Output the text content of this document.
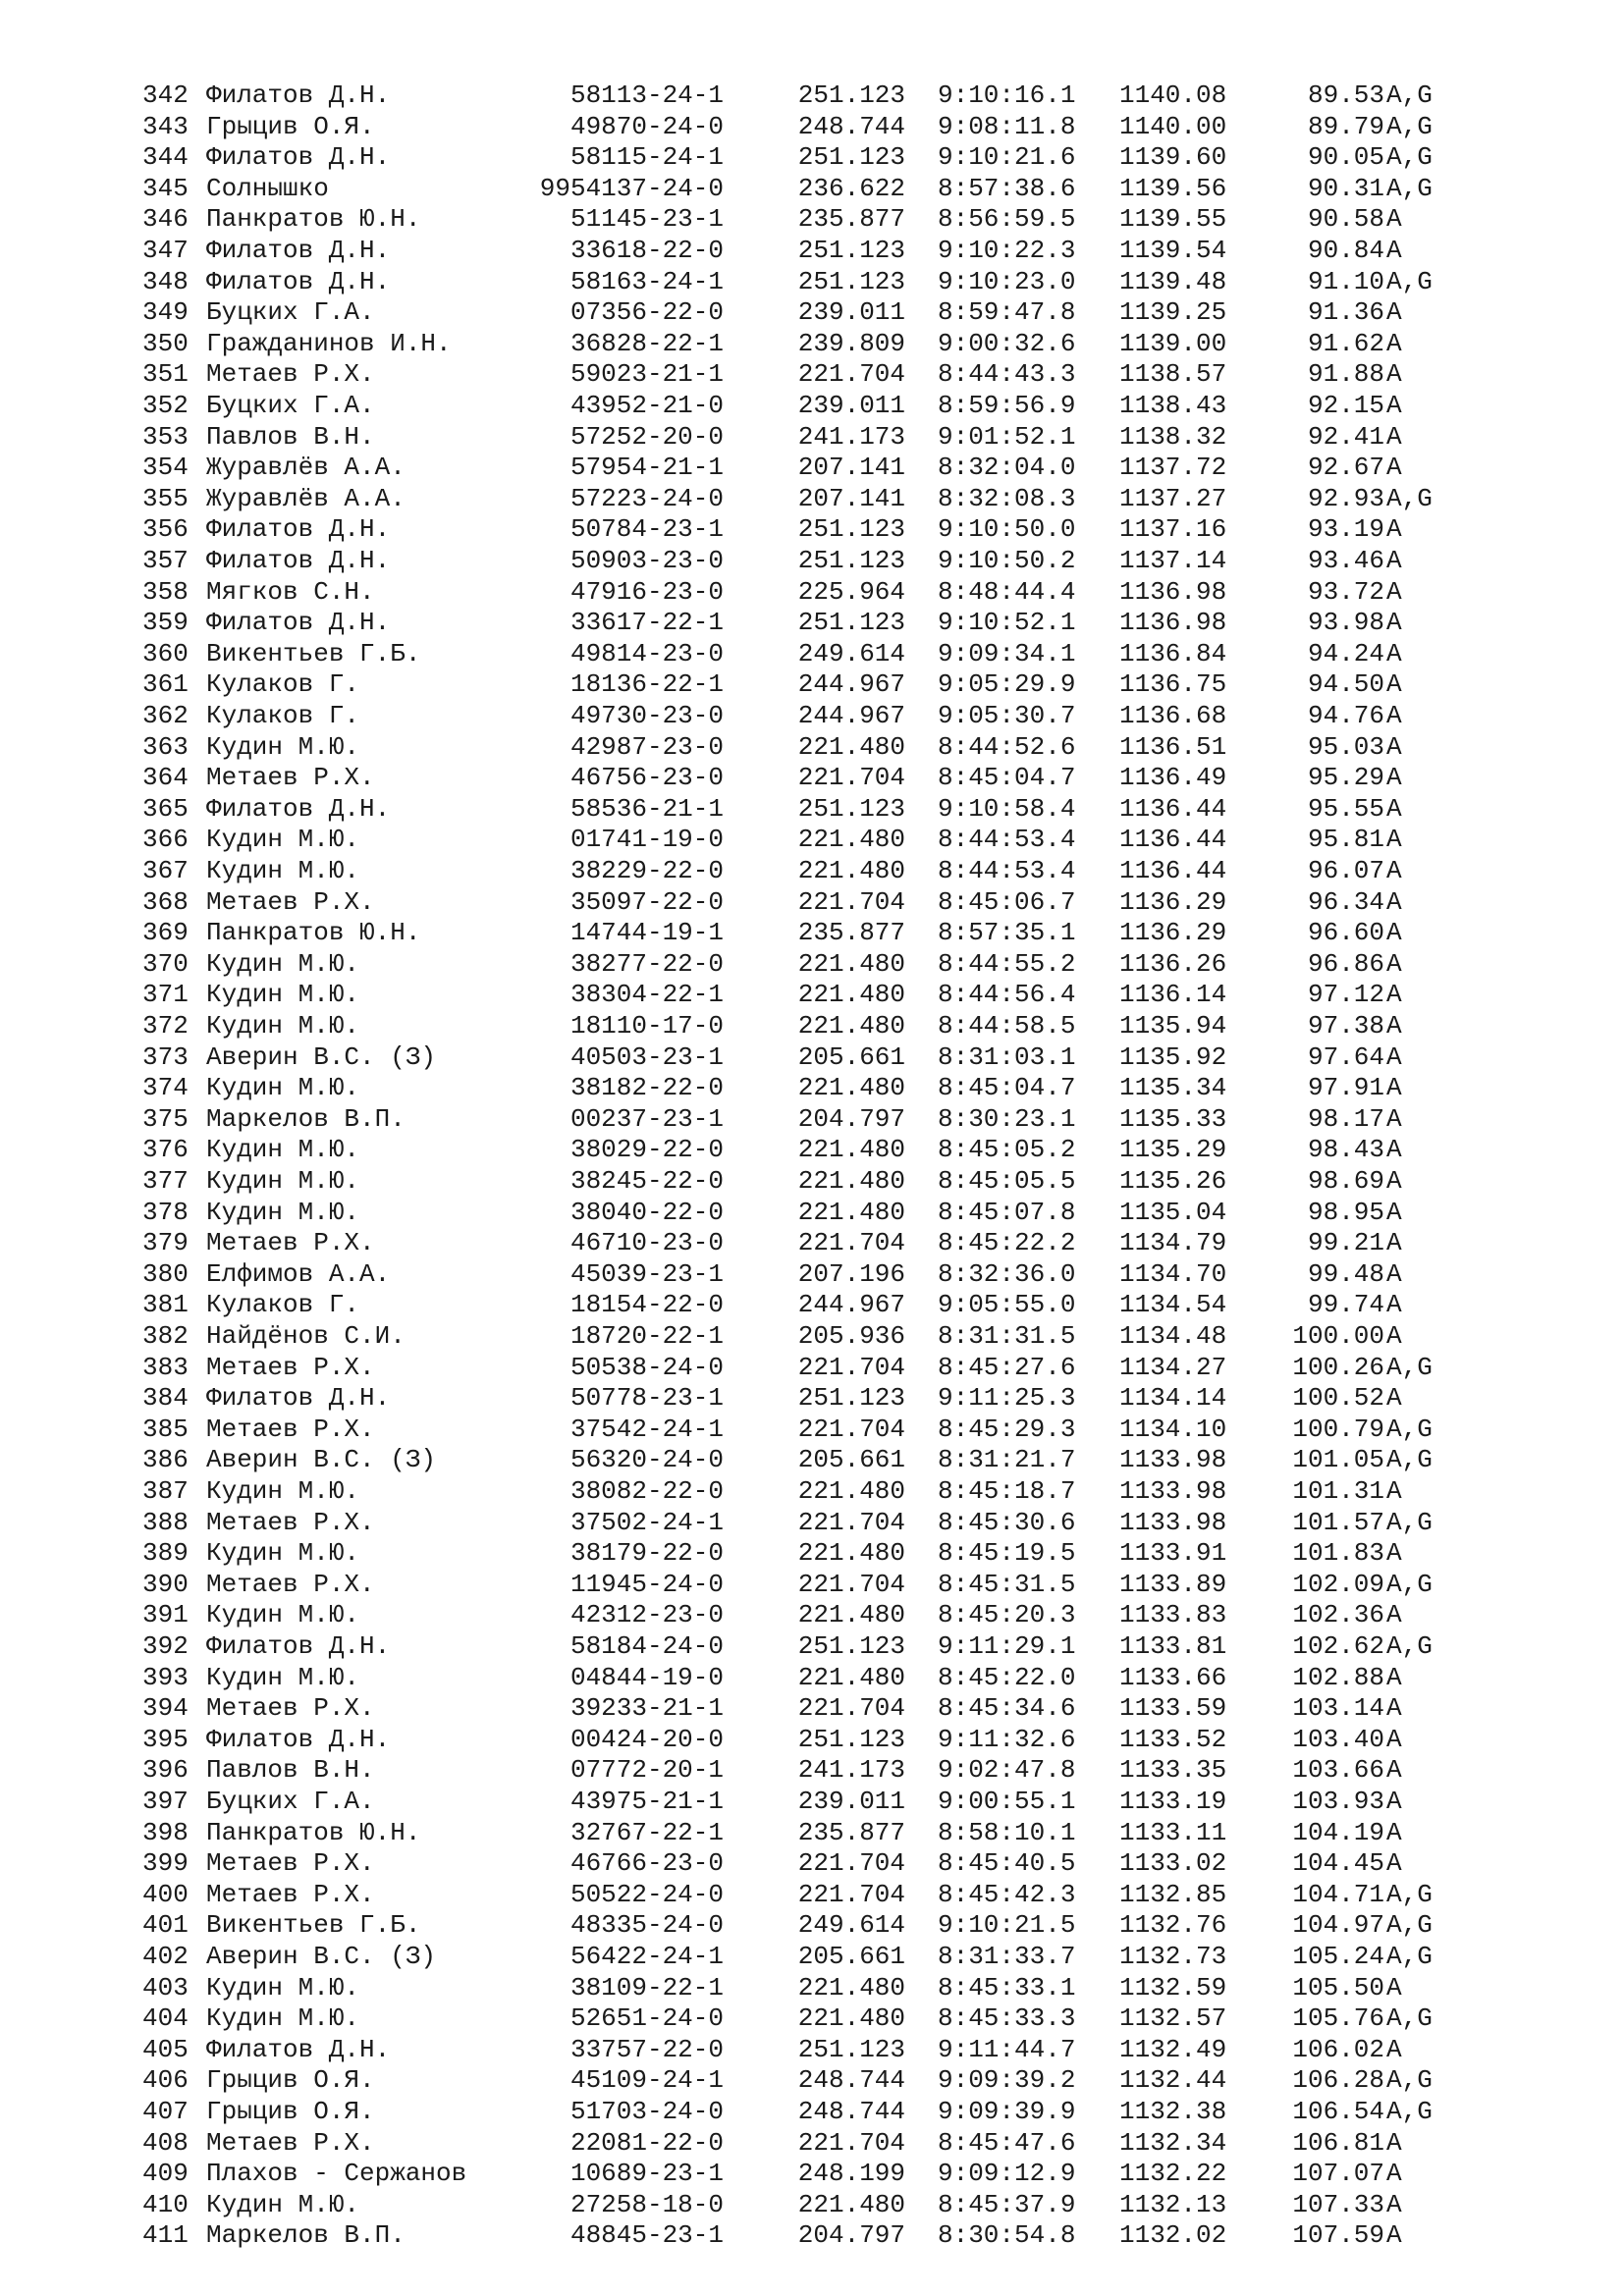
342 Филатов Д.Н.	58113-24-1	251.123 9:10:16.1 1140.08	89.53 A,G
343 Грыцив О.Я.	49870-24-0	248.744 9:08:11.8 1140.00	89.79 A,G
344 Филатов Д.Н.	58115-24-1	251.123 9:10:21.6 1139.60	90.05 A,G
345 Солнышко	9954137-24-0	236.622 8:57:38.6 1139.56	90.31 A,G
346 Панкратов Ю.Н.	51145-23-1	235.877 8:56:59.5 1139.55	90.58 A
347 Филатов Д.Н.	33618-22-0	251.123 9:10:22.3 1139.54	90.84 A
348 Филатов Д.Н.	58163-24-1	251.123 9:10:23.0 1139.48	91.10 A,G
349 Буцких Г.А.	07356-22-0	239.011 8:59:47.8 1139.25	91.36 A
350 Гражданинов И.Н.	36828-22-1	239.809 9:00:32.6 1139.00	91.62 A
351 Метаев Р.Х.	59023-21-1	221.704 8:44:43.3 1138.57	91.88 A
352 Буцких Г.А.	43952-21-0	239.011 8:59:56.9 1138.43	92.15 A
353 Павлов В.Н.	57252-20-0	241.173 9:01:52.1 1138.32	92.41 A
354 Журавлёв А.А.	57954-21-1	207.141 8:32:04.0 1137.72	92.67 A
355 Журавлёв А.А.	57223-24-0	207.141 8:32:08.3 1137.27	92.93 A,G
356 Филатов Д.Н.	50784-23-1	251.123 9:10:50.0 1137.16	93.19 A
357 Филатов Д.Н.	50903-23-0	251.123 9:10:50.2 1137.14	93.46 A
358 Мягков С.Н.	47916-23-0	225.964 8:48:44.4 1136.98	93.72 A
359 Филатов Д.Н.	33617-22-1	251.123 9:10:52.1 1136.98	93.98 A
360 Викентьев Г.Б.	49814-23-0	249.614 9:09:34.1 1136.84	94.24 A
361 Кулаков Г.	18136-22-1	244.967 9:05:29.9 1136.75	94.50 A
362 Кулаков Г.	49730-23-0	244.967 9:05:30.7 1136.68	94.76 A
363 Кудин М.Ю.	42987-23-0	221.480 8:44:52.6 1136.51	95.03 A
364 Метаев Р.Х.	46756-23-0	221.704 8:45:04.7 1136.49	95.29 A
365 Филатов Д.Н.	58536-21-1	251.123 9:10:58.4 1136.44	95.55 A
366 Кудин М.Ю.	01741-19-0	221.480 8:44:53.4 1136.44	95.81 A
367 Кудин М.Ю.	38229-22-0	221.480 8:44:53.4 1136.44	96.07 A
368 Метаев Р.Х.	35097-22-0	221.704 8:45:06.7 1136.29	96.34 A
369 Панкратов Ю.Н.	14744-19-1	235.877 8:57:35.1 1136.29	96.60 A
370 Кудин М.Ю.	38277-22-0	221.480 8:44:55.2 1136.26	96.86 A
371 Кудин М.Ю.	38304-22-1	221.480 8:44:56.4 1136.14	97.12 A
372 Кудин М.Ю.	18110-17-0	221.480 8:44:58.5 1135.94	97.38 A
373 Аверин В.С. (З)	40503-23-1	205.661 8:31:03.1 1135.92	97.64 A
374 Кудин М.Ю.	38182-22-0	221.480 8:45:04.7 1135.34	97.91 A
375 Маркелов В.П.	00237-23-1	204.797 8:30:23.1 1135.33	98.17 A
376 Кудин М.Ю.	38029-22-0	221.480 8:45:05.2 1135.29	98.43 A
377 Кудин М.Ю.	38245-22-0	221.480 8:45:05.5 1135.26	98.69 A
378 Кудин М.Ю.	38040-22-0	221.480 8:45:07.8 1135.04	98.95 A
379 Метаев Р.Х.	46710-23-0	221.704 8:45:22.2 1134.79	99.21 A
380 Елфимов А.А.	45039-23-1	207.196 8:32:36.0 1134.70	99.48 A
381 Кулаков Г.	18154-22-0	244.967 9:05:55.0 1134.54	99.74 A
382 Найдёнов С.И.	18720-22-1	205.936 8:31:31.5 1134.48	100.00 A
383 Метаев Р.Х.	50538-24-0	221.704 8:45:27.6 1134.27	100.26 A,G
384 Филатов Д.Н.	50778-23-1	251.123 9:11:25.3 1134.14	100.52 A
385 Метаев Р.Х.	37542-24-1	221.704 8:45:29.3 1134.10	100.79 A,G
386 Аверин В.С. (З)	56320-24-0	205.661 8:31:21.7 1133.98	101.05 A,G
387 Кудин М.Ю.	38082-22-0	221.480 8:45:18.7 1133.98	101.31 A
388 Метаев Р.Х.	37502-24-1	221.704 8:45:30.6 1133.98	101.57 A,G
389 Кудин М.Ю.	38179-22-0	221.480 8:45:19.5 1133.91	101.83 A
390 Метаев Р.Х.	11945-24-0	221.704 8:45:31.5 1133.89	102.09 A,G
391 Кудин М.Ю.	42312-23-0	221.480 8:45:20.3 1133.83	102.36 A
392 Филатов Д.Н.	58184-24-0	251.123 9:11:29.1 1133.81	102.62 A,G
393 Кудин М.Ю.	04844-19-0	221.480 8:45:22.0 1133.66	102.88 A
394 Метаев Р.Х.	39233-21-1	221.704 8:45:34.6 1133.59	103.14 A
395 Филатов Д.Н.	00424-20-0	251.123 9:11:32.6 1133.52	103.40 A
396 Павлов В.Н.	07772-20-1	241.173 9:02:47.8 1133.35	103.66 A
397 Буцких Г.А.	43975-21-1	239.011 9:00:55.1 1133.19	103.93 A
398 Панкратов Ю.Н.	32767-22-1	235.877 8:58:10.1 1133.11	104.19 A
399 Метаев Р.Х.	46766-23-0	221.704 8:45:40.5 1133.02	104.45 A
400 Метаев Р.Х.	50522-24-0	221.704 8:45:42.3 1132.85	104.71 A,G
401 Викентьев Г.Б.	48335-24-0	249.614 9:10:21.5 1132.76	104.97 A,G
402 Аверин В.С. (З)	56422-24-1	205.661 8:31:33.7 1132.73	105.24 A,G
403 Кудин М.Ю.	38109-22-1	221.480 8:45:33.1 1132.59	105.50 A
404 Кудин М.Ю.	52651-24-0	221.480 8:45:33.3 1132.57	105.76 A,G
405 Филатов Д.Н.	33757-22-0	251.123 9:11:44.7 1132.49	106.02 A
406 Грыцив О.Я.	45109-24-1	248.744 9:09:39.2 1132.44	106.28 A,G
407 Грыцив О.Я.	51703-24-0	248.744 9:09:39.9 1132.38	106.54 A,G
408 Метаев Р.Х.	22081-22-0	221.704 8:45:47.6 1132.34	106.81 A
409 Плахов - Сержанов	10689-23-1	248.199 9:09:12.9 1132.22	107.07 A
410 Кудин М.Ю.	27258-18-0	221.480 8:45:37.9 1132.13	107.33 A
411 Маркелов В.П.	48845-23-1	204.797 8:30:54.8 1132.02	107.59 A
